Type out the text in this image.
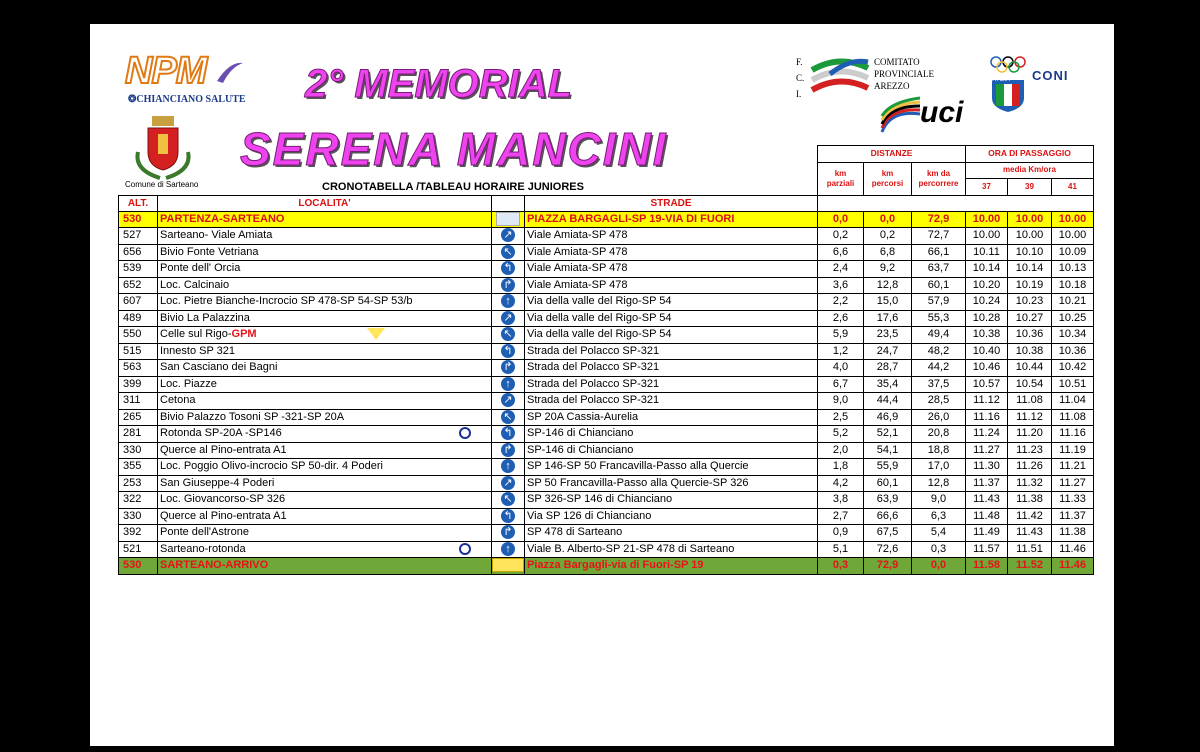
NPM
❂CHIANCIANO SALUTE
Comune di Sarteano
2° MEMORIAL
SERENA MANCINI
CRONOTABELLA /TABLEAU HORAIRE JUNIORES
F.
C.
I.
COMITATO
PROVINCIALE
AREZZO
uci
ITALIA CONI
				DISTANZE			ORA DI PASSAGGIO		
				km parziali	km percorsi	km da percorrere	media Km/ora		
							37	39	41
ALT.	LOCALITA'		STRADE						
530	PARTENZA-SARTEANO		PIAZZA BARGAGLI-SP 19-VIA DI FUORI	0,0	0,0	72,9	10.00	10.00	10.00
527	Sarteano- Viale Amiata	↗	Viale Amiata-SP 478	0,2	0,2	72,7	10.00	10.00	10.00
656	Bivio Fonte Vetriana	↖	Viale Amiata-SP 478	6,6	6,8	66,1	10.11	10.10	10.09
539	Ponte dell' Orcia	↰	Viale Amiata-SP 478	2,4	9,2	63,7	10.14	10.14	10.13
652	Loc. Calcinaio	↱	Viale Amiata-SP 478	3,6	12,8	60,1	10.20	10.19	10.18
607	Loc. Pietre Bianche-Incrocio SP 478-SP 54-SP 53/b	↑	Via della valle del Rigo-SP 54	2,2	15,0	57,9	10.24	10.23	10.21
489	Bivio La Palazzina	↗	Via della valle del Rigo-SP 54	2,6	17,6	55,3	10.28	10.27	10.25
550	Celle sul Rigo-GPM	↖	Via della valle del Rigo-SP 54	5,9	23,5	49,4	10.38	10.36	10.34
515	Innesto SP 321	↰	Strada del Polacco SP-321	1,2	24,7	48,2	10.40	10.38	10.36
563	San Casciano dei Bagni	↱	Strada del Polacco SP-321	4,0	28,7	44,2	10.46	10.44	10.42
399	Loc. Piazze	↑	Strada del Polacco SP-321	6,7	35,4	37,5	10.57	10.54	10.51
311	Cetona	↗	Strada del Polacco SP-321	9,0	44,4	28,5	11.12	11.08	11.04
265	Bivio Palazzo Tosoni SP -321-SP 20A	↖	SP 20A Cassia-Aurelia	2,5	46,9	26,0	11.16	11.12	11.08
281	Rotonda SP-20A -SP146	↰	SP-146 di Chianciano	5,2	52,1	20,8	11.24	11.20	11.16
330	Querce al Pino-entrata A1	↱	SP-146 di Chianciano	2,0	54,1	18,8	11.27	11.23	11.19
355	Loc. Poggio Olivo-incrocio SP 50-dir. 4 Poderi	↑	SP 146-SP 50 Francavilla-Passo alla Quercie	1,8	55,9	17,0	11.30	11.26	11.21
253	San Giuseppe-4 Poderi	↗	SP 50 Francavilla-Passo alla Quercie-SP 326	4,2	60,1	12,8	11.37	11.32	11.27
322	Loc. Giovancorso-SP 326	↖	SP 326-SP 146 di Chianciano	3,8	63,9	9,0	11.43	11.38	11.33
330	Querce al Pino-entrata A1	↰	Via SP 126 di Chianciano	2,7	66,6	6,3	11.48	11.42	11.37
392	Ponte dell'Astrone	↱	SP 478 di Sarteano	0,9	67,5	5,4	11.49	11.43	11.38
521	Sarteano-rotonda	↑	Viale B. Alberto-SP 21-SP 478 di Sarteano	5,1	72,6	0,3	11.57	11.51	11.46
530	SARTEANO-ARRIVO		Piazza Bargagli-via di Fuori-SP 19	0,3	72,9	0,0	11.58	11.52	11.46
